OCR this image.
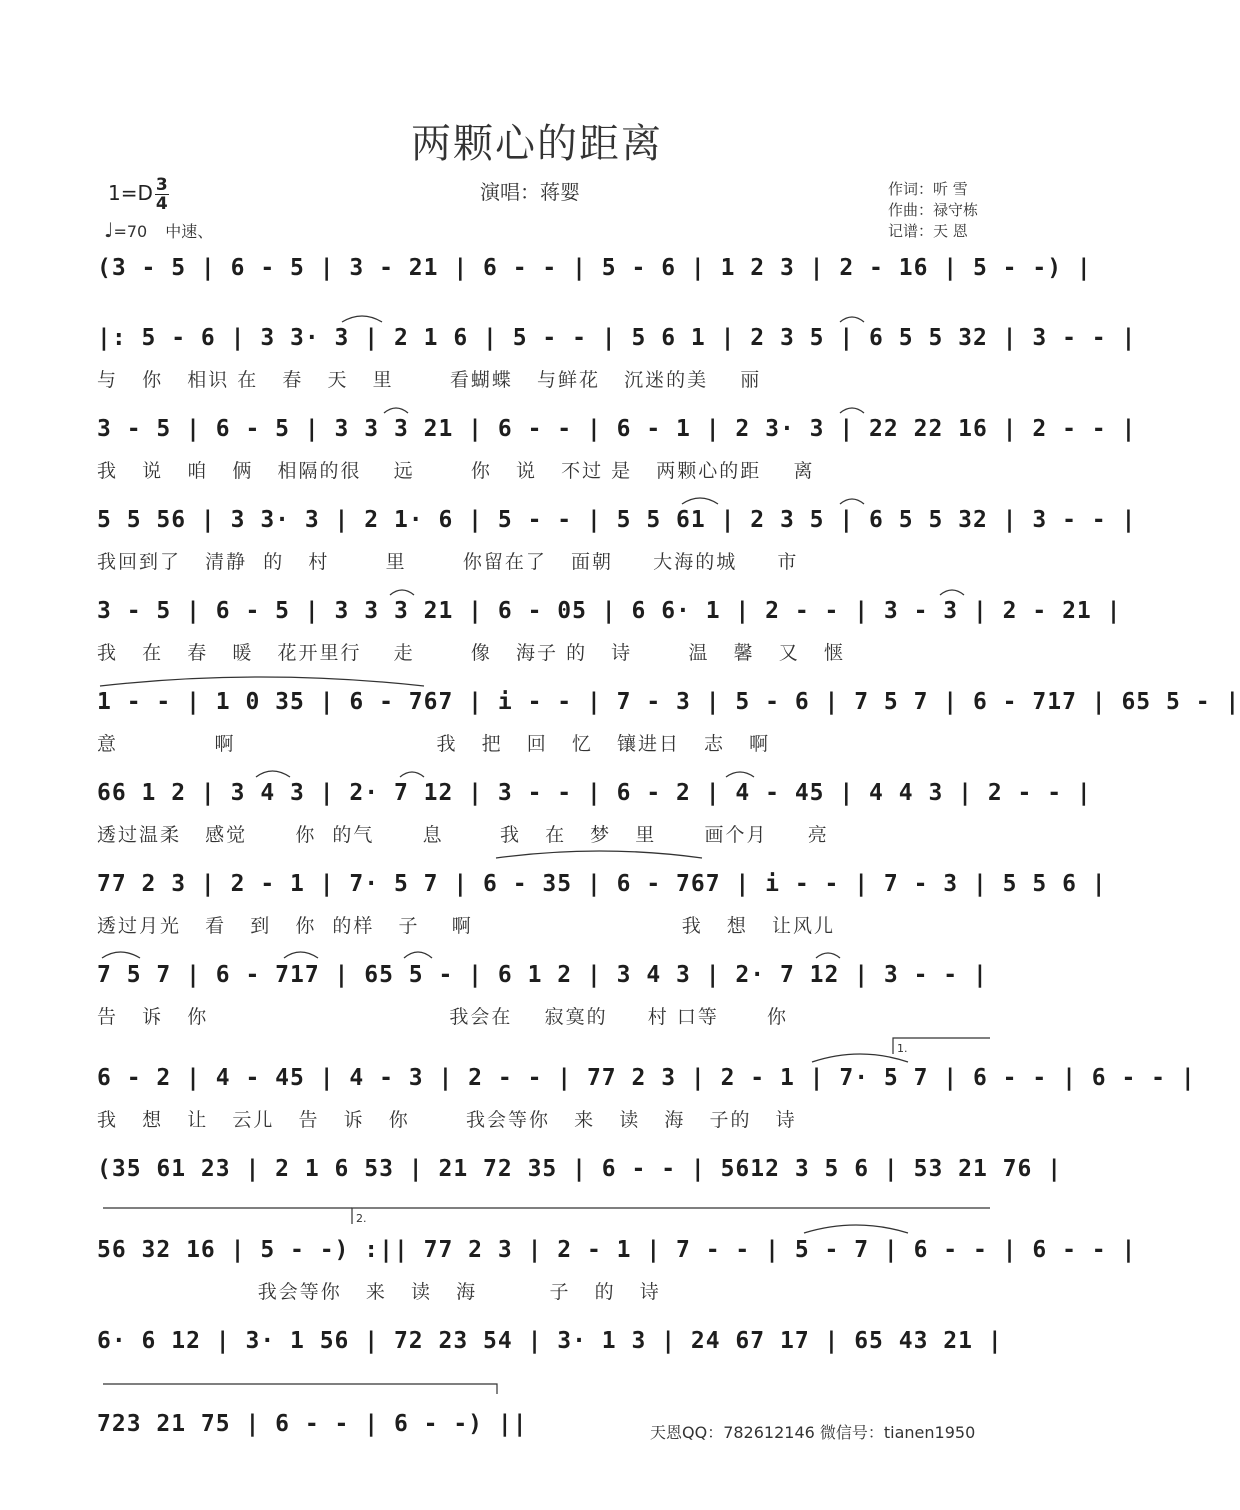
两颗心的距离
$1=D \frac{3}{4}$
♩=70 中速、
演唱：蒋婴	作词：听 雪
作曲：禄守栋
记谱：天 恩
(3 - 5 | 6 - 5 | 3 - 21 | 6 - - | 5 - 6 | 1 2 3 | 2 - 16 | 5 - -) |
|: 5 - 6 | 3 3· 3 | 2 1 6 | 5 - - | 5 6 1 | 2 3 5 | 6 5 5 32 | 3 - - |
与   你   相识 在   春   天   里       看蝴蝶   与鲜花   沉迷的美    丽
3 - 5 | 6 - 5 | 3 3 3 21 | 6 - - | 6 - 1 | 2 3· 3 | 22 22 16 | 2 - - |
我   说   咱   俩   相隔的很    远       你   说   不过 是   两颗心的距    离
5 5 56 | 3 3· 3 | 2 1· 6 | 5 - - | 5 5 61 | 2 3 5 | 6 5 5 32 | 3 - - |
我回到了   清静  的   村       里       你留在了   面朝     大海的城     市
3 - 5 | 6 - 5 | 3 3 3 21 | 6 - 05 | 6 6· 1 | 2 - - | 3 - 3 | 2 - 21 |
我   在   春   暖   花开里行    走       像   海子 的   诗       温   馨   又   惬
1 - - | 1 0 35 | 6 - 767 | i - - | 7 - 3 | 5 - 6 | 7 5 7 | 6 - 717 | 65 5 - |
意            啊                         我   把   回   忆   镶进日   志   啊
66 1 2 | 3 4 3 | 2· 7 12 | 3 - - | 6 - 2 | 4 - 45 | 4 4 3 | 2 - - |
透过温柔   感觉      你  的气      息       我   在   梦   里      画个月     亮
77 2 3 | 2 - 1 | 7· 5 7 | 6 - 35 | 6 - 767 | i - - | 7 - 3 | 5 5 6 |
透过月光   看   到   你  的样   子    啊                          我   想   让风儿
7 5 7 | 6 - 717 | 65 5 - | 6 1 2 | 3 4 3 | 2· 7 12 | 3 - - |
告   诉   你                              我会在    寂寞的     村 口等      你
6 - 2 | 4 - 45 | 4 - 3 | 2 - - | 77 2 3 | 2 - 1 | 7· 5 7 | 6 - - | 6 - - |
我   想   让   云儿   告   诉   你       我会等你   来   读   海   子的   诗
(35 61 23 | 2 1 6 53 | 21 72 35 | 6 - - | 5612 3 5 6 | 53 21 76 |
56 32 16 | 5 - -) :|| 77 2 3 | 2 - 1 | 7 - - | 5 - 7 | 6 - - | 6 - - |
我会等你   来   读   海         子   的   诗
6· 6 12 | 3· 1 56 | 72 23 54 | 3· 1 3 | 24 67 17 | 65 43 21 |
723 21 75 | 6 - - | 6 - -) ||
1.
2.
天恩QQ：782612146 微信号：tianen1950
